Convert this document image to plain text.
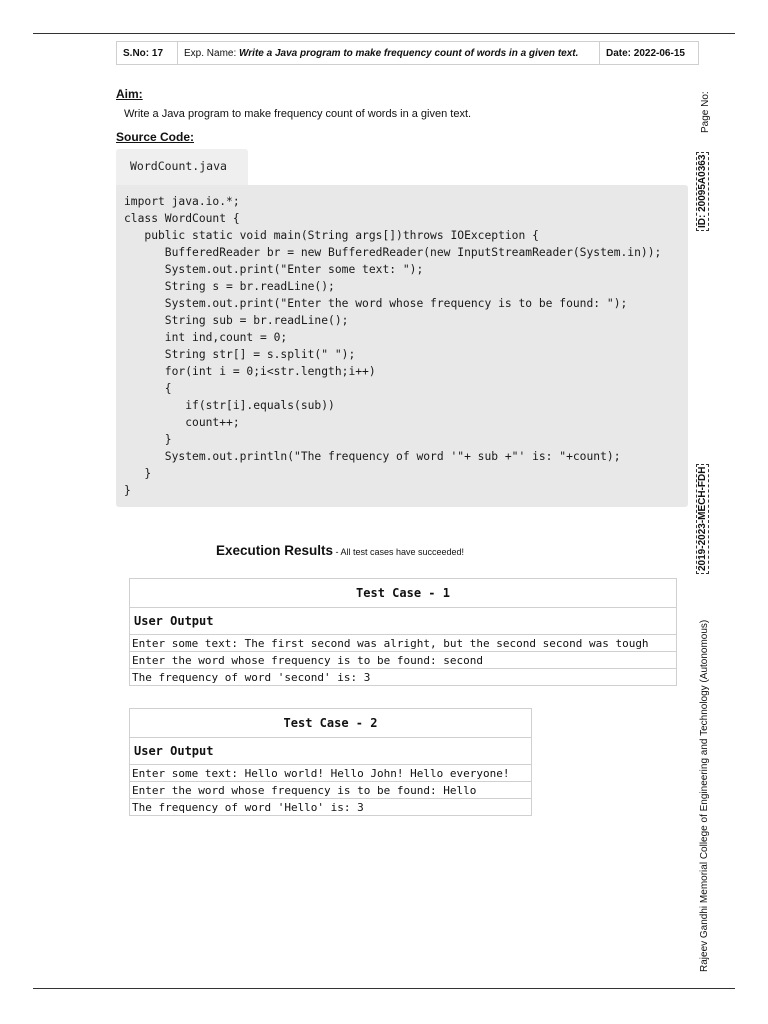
S.No: 17	Exp. Name: Write a Java program to make frequency count of words in a given text.	Date: 2022-06-15
Aim:
Write a Java program to make frequency count of words in a given text.
Source Code:
WordCount.java
import java.io.*;
class WordCount {
public static void main(String args[])throws IOException {
BufferedReader br = new BufferedReader(new InputStreamReader(System.in));
System.out.print("Enter some text: ");
String s = br.readLine();
System.out.print("Enter the word whose frequency is to be found: ");
String sub = br.readLine();
int ind,count = 0;
String str[] = s.split(" ");
for(int i = 0;i<str.length;i++)
{
if(str[i].equals(sub))
count++;
}
System.out.println("The frequency of word '"+ sub +"' is: "+count);
}
}
Execution Results - All test cases have succeeded!
Test Case - 1
User Output
Enter some text: The first second was alright, but the second second was tough
Enter the word whose frequency is to be found: second
The frequency of word 'second' is: 3
Test Case - 2
User Output
Enter some text: Hello world! Hello John! Hello everyone!
Enter the word whose frequency is to be found: Hello
The frequency of word 'Hello' is: 3
Page No:
ID: 20095A0363
2019-2023-MECH-FDH
Rajeev Gandhi Memorial College of Engineering and Technology (Autonomous)
